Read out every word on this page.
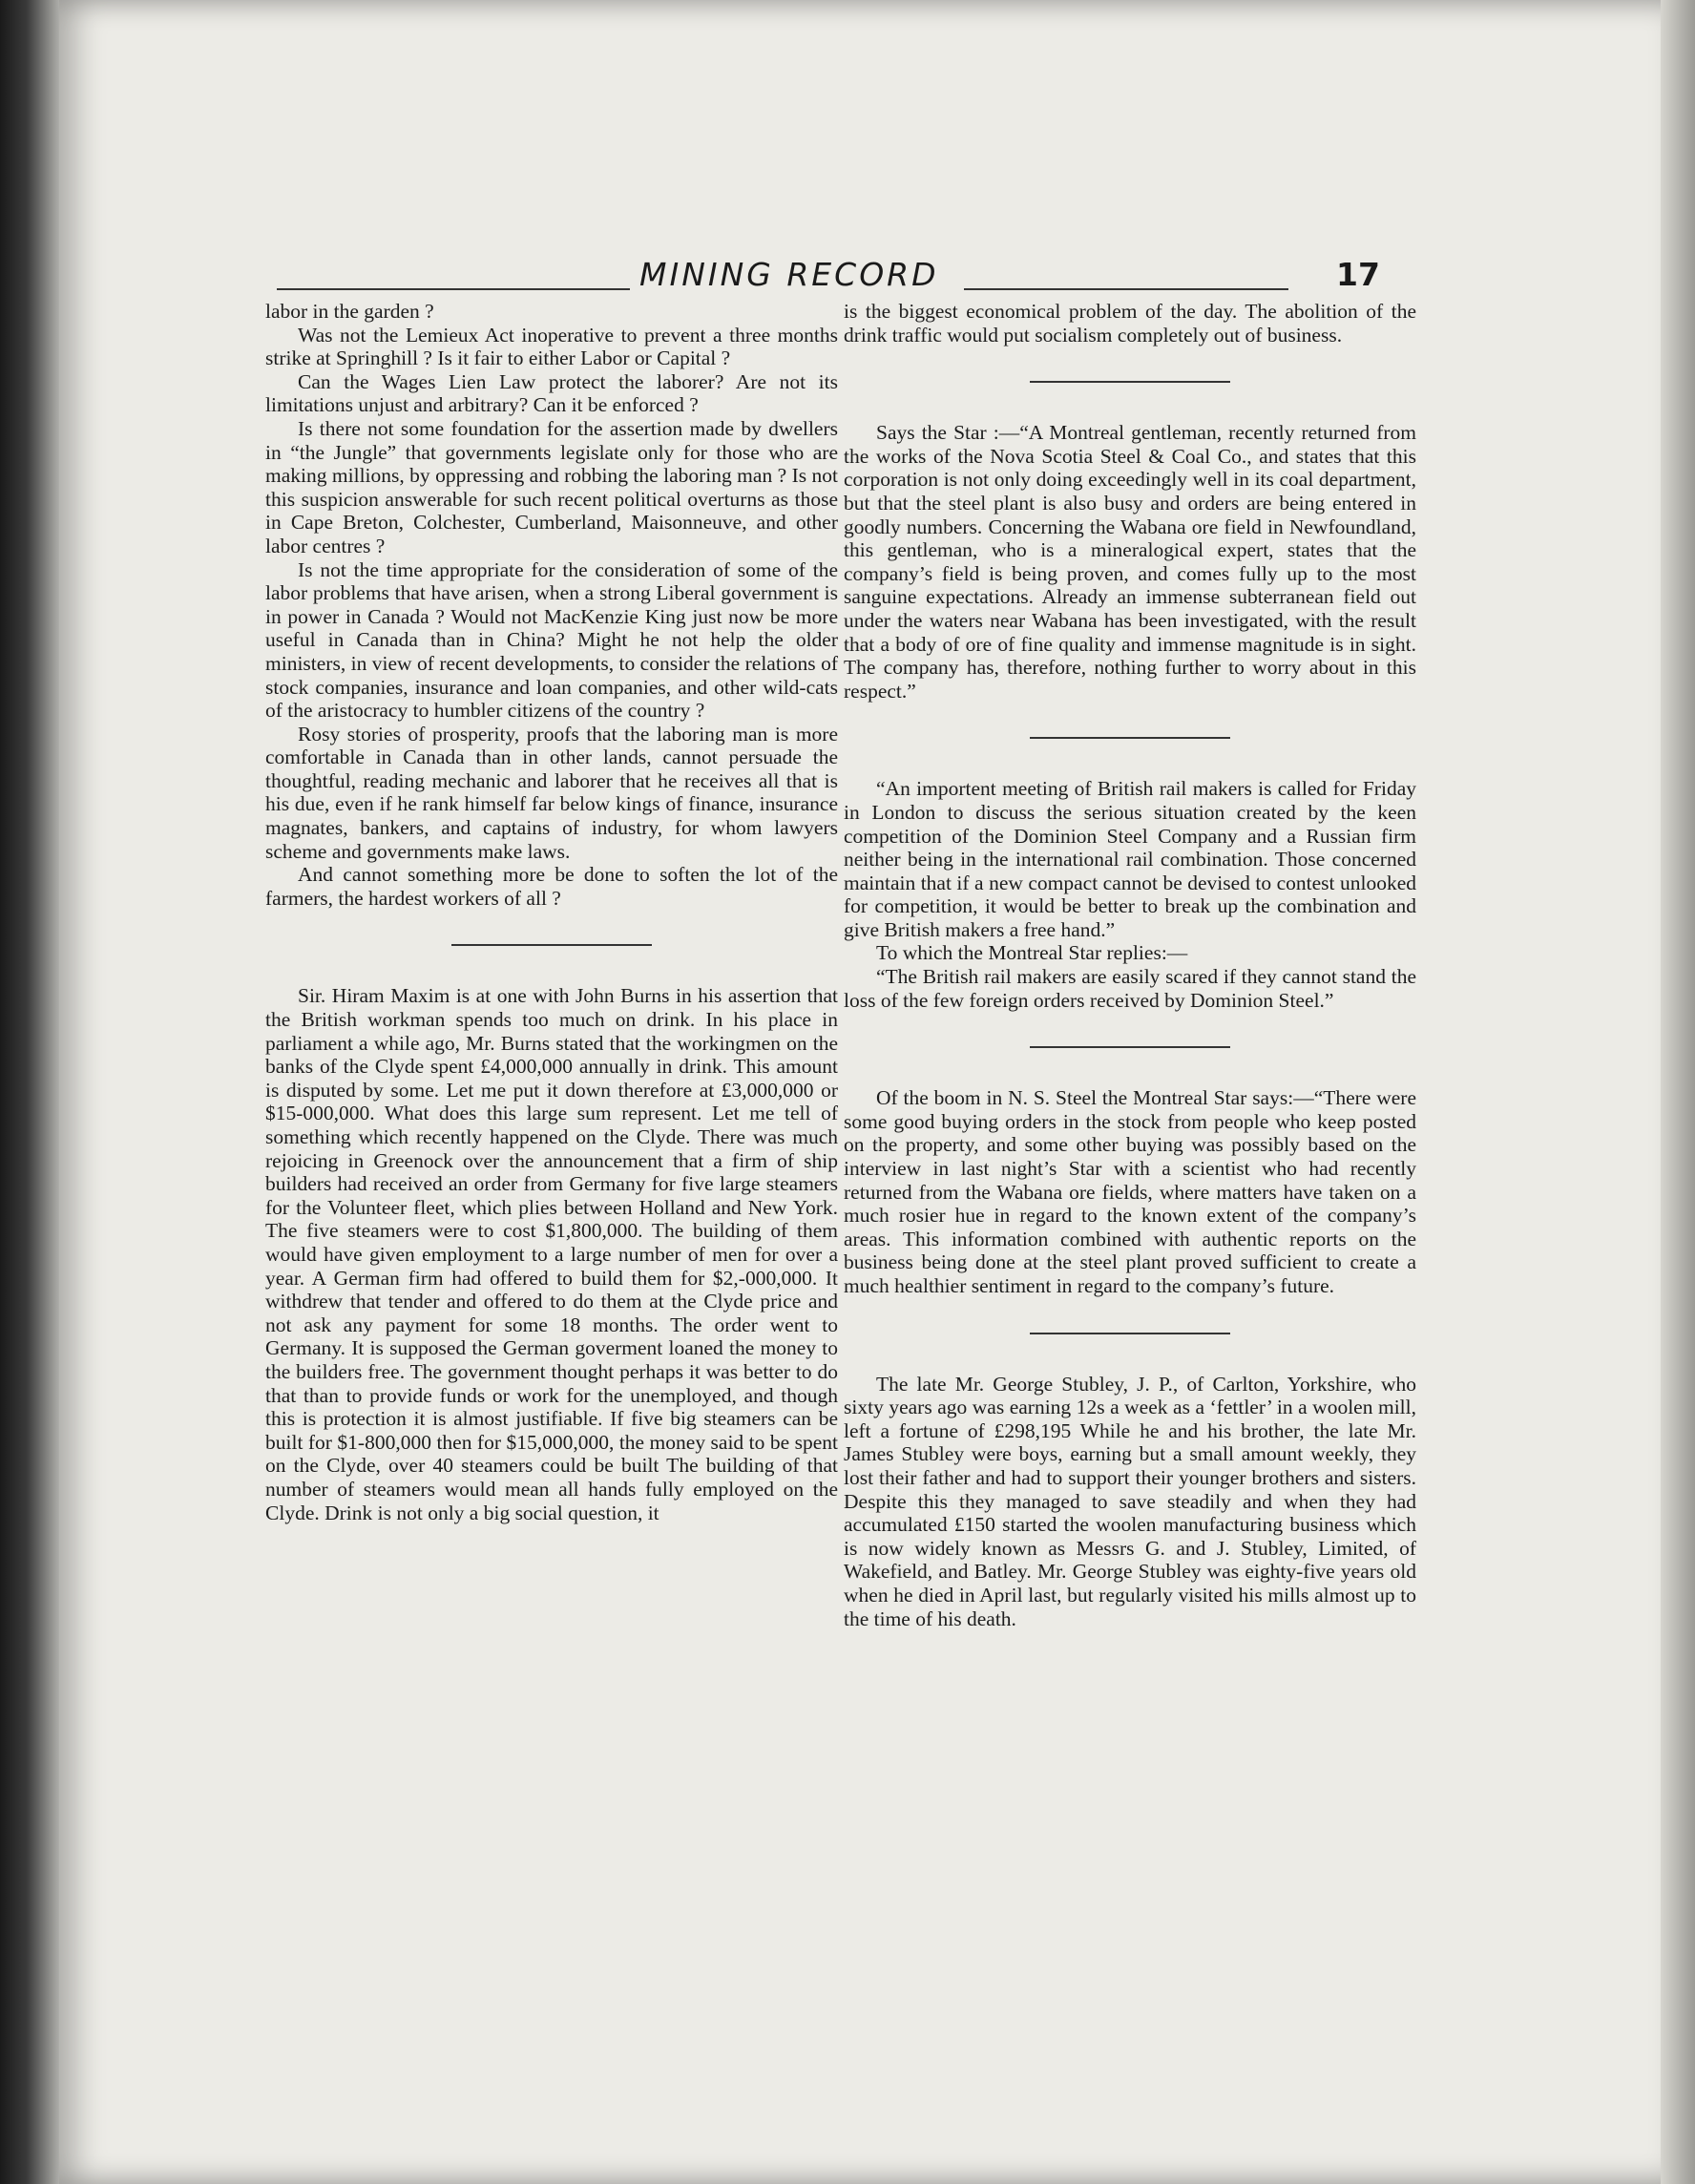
MINING RECORD	17

labor in the garden ?

Was not the Lemieux Act inoperative to prevent a three months strike at Springhill ? Is it fair to either Labor or Capital ?

Can the Wages Lien Law protect the laborer? Are not its limitations unjust and arbitrary? Can it be enforced ?

Is there not some foundation for the assertion made by dwellers in “the Jungle” that governments legislate only for those who are making millions, by oppressing and robbing the laboring man ? Is not this suspicion answerable for such recent political overturns as those in Cape Breton, Colchester, Cumberland, Maisonneuve, and other labor centres ?

Is not the time appropriate for the consideration of some of the labor problems that have arisen, when a strong Liberal government is in power in Canada ? Would not MacKenzie King just now be more useful in Canada than in China? Might he not help the older ministers, in view of recent developments, to consider the relations of stock companies, insurance and loan companies, and other wild-cats of the aristocracy to humbler citizens of the country ?

Rosy stories of prosperity, proofs that the laboring man is more comfortable in Canada than in other lands, cannot persuade the thoughtful, reading mechanic and laborer that he receives all that is his due, even if he rank himself far below kings of finance, insurance magnates, bankers, and captains of industry, for whom lawyers scheme and governments make laws.

And cannot something more be done to soften the lot of the farmers, the hardest workers of all ?

Sir. Hiram Maxim is at one with John Burns in his assertion that the British workman spends too much on drink. In his place in parliament a while ago, Mr. Burns stated that the workingmen on the banks of the Clyde spent £4,000,000 annually in drink. This amount is disputed by some. Let me put it down therefore at £3,000,000 or $15-000,000. What does this large sum represent. Let me tell of something which recently happened on the Clyde. There was much rejoicing in Greenock over the announcement that a firm of ship builders had received an order from Germany for five large steamers for the Volunteer fleet, which plies between Holland and New York. The five steamers were to cost $1,800,000. The building of them would have given employment to a large number of men for over a year. A German firm had offered to build them for $2,-000,000. It withdrew that tender and offered to do them at the Clyde price and not ask any payment for some 18 months. The order went to Germany. It is supposed the German goverment loaned the money to the builders free. The government thought perhaps it was better to do that than to provide funds or work for the unemployed, and though this is protection it is almost justifiable. If five big steamers can be built for $1-800,000 then for $15,000,000, the money said to be spent on the Clyde, over 40 steamers could be built The building of that number of steamers would mean all hands fully employed on the Clyde. Drink is not only a big social question, it

is the biggest economical problem of the day. The abolition of the drink traffic would put socialism completely out of business.

Says the Star :—“A Montreal gentleman, recently returned from the works of the Nova Scotia Steel & Coal Co., and states that this corporation is not only doing exceedingly well in its coal department, but that the steel plant is also busy and orders are being entered in goodly numbers. Concerning the Wabana ore field in Newfoundland, this gentleman, who is a mineralogical expert, states that the company’s field is being proven, and comes fully up to the most sanguine expectations. Already an immense subterranean field out under the waters near Wabana has been investigated, with the result that a body of ore of fine quality and immense magnitude is in sight. The company has, therefore, nothing further to worry about in this respect.”

“An importent meeting of British rail makers is called for Friday in London to discuss the serious situation created by the keen competition of the Dominion Steel Company and a Russian firm neither being in the international rail combination. Those concerned maintain that if a new compact cannot be devised to contest unlooked for competition, it would be better to break up the combination and give British makers a free hand.”

To which the Montreal Star replies:—

“The British rail makers are easily scared if they cannot stand the loss of the few foreign orders received by Dominion Steel.”

Of the boom in N. S. Steel the Montreal Star says:—“There were some good buying orders in the stock from people who keep posted on the property, and some other buying was possibly based on the interview in last night’s Star with a scientist who had recently returned from the Wabana ore fields, where matters have taken on a much rosier hue in regard to the known extent of the company’s areas. This information combined with authentic reports on the business being done at the steel plant proved sufficient to create a much healthier sentiment in regard to the company’s future.

The late Mr. George Stubley, J. P., of Carlton, Yorkshire, who sixty years ago was earning 12s a week as a ‘fettler’ in a woolen mill, left a fortune of £298,195 While he and his brother, the late Mr. James Stubley were boys, earning but a small amount weekly, they lost their father and had to support their younger brothers and sisters. Despite this they managed to save steadily and when they had accumulated £150 started the woolen manufacturing business which is now widely known as Messrs G. and J. Stubley, Limited, of Wakefield, and Batley. Mr. George Stubley was eighty-five years old when he died in April last, but regularly visited his mills almost up to the time of his death.
